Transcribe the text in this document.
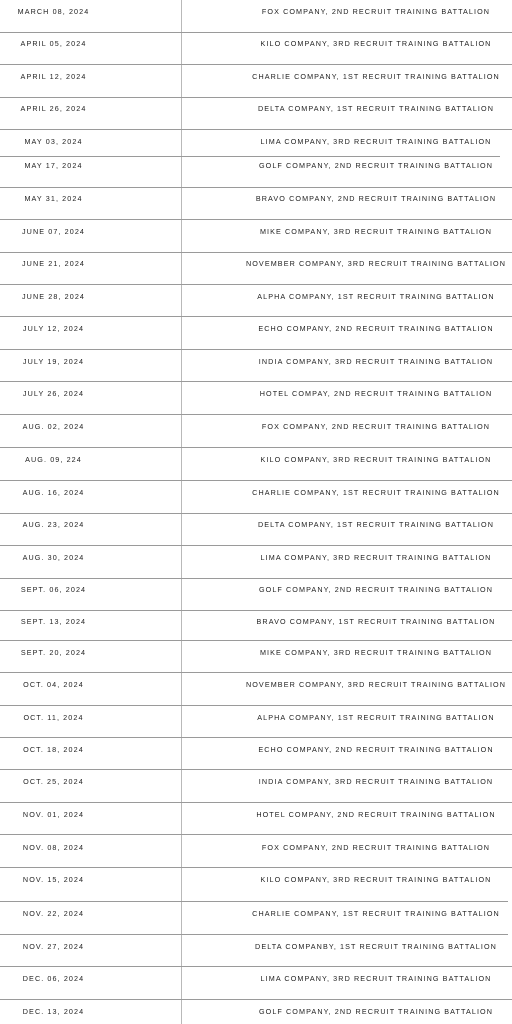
MARCH 08, 2024	FOX COMPANY, 2ND RECRUIT TRAINING BATTALION
APRIL 05, 2024	KILO COMPANY, 3RD RECRUIT TRAINING BATTALION
APRIL 12, 2024	CHARLIE COMPANY, 1ST RECRUIT TRAINING BATTALION
APRIL 26, 2024	DELTA COMPANY, 1ST RECRUIT TRAINING BATTALION
MAY 03, 2024	LIMA COMPANY, 3RD RECRUIT TRAINING BATTALION
MAY 17, 2024	GOLF COMPANY, 2ND RECRUIT TRAINING BATTALION
MAY 31, 2024	BRAVO COMPANY, 2ND RECRUIT TRAINING BATTALION
JUNE 07, 2024	MIKE COMPANY, 3RD RECRUIT TRAINING BATTALION
JUNE 21, 2024	NOVEMBER COMPANY, 3RD RECRUIT TRAINING BATTALION
JUNE 28, 2024	ALPHA COMPANY, 1ST RECRUIT TRAINING BATTALION
JULY 12, 2024	ECHO COMPANY, 2ND RECRUIT TRAINING BATTALION
JULY 19, 2024	INDIA COMPANY, 3RD RECRUIT TRAINING BATTALION
JULY 26, 2024	HOTEL COMPAY, 2ND RECRUIT TRAINING BATTALION
AUG. 02, 2024	FOX COMPANY, 2ND RECRUIT TRAINING BATTALION
AUG. 09, 224	KILO COMPANY, 3RD RECRUIT TRAINING BATTALION
AUG. 16, 2024	CHARLIE COMPANY, 1ST RECRUIT TRAINING BATTALION
AUG. 23, 2024	DELTA COMPANY, 1ST RECRUIT TRAINING BATTALION
AUG. 30, 2024	LIMA COMPANY, 3RD RECRUIT TRAINING BATTALION
SEPT. 06, 2024	GOLF COMPANY, 2ND RECRUIT TRAINING BATTALION
SEPT. 13, 2024	BRAVO COMPANY, 1ST RECRUIT TRAINING BATTALION
SEPT. 20, 2024	MIKE COMPANY, 3RD RECRUIT TRAINING BATTALION
OCT. 04, 2024	NOVEMBER COMPANY, 3RD RECRUIT TRAINING BATTALION
OCT. 11, 2024	ALPHA COMPANY, 1ST RECRUIT TRAINING BATTALION
OCT. 18, 2024	ECHO COMPANY, 2ND RECRUIT TRAINING BATTALION
OCT. 25, 2024	INDIA COMPANY, 3RD RECRUIT TRAINING BATTALION
NOV. 01, 2024	HOTEL COMPANY, 2ND RECRUIT TRAINING BATTALION
NOV. 08, 2024	FOX COMPANY, 2ND RECRUIT TRAINING BATTALION
NOV. 15, 2024	KILO COMPANY, 3RD RECRUIT TRAINING BATTALION
NOV. 22, 2024	CHARLIE COMPANY, 1ST RECRUIT TRAINING BATTALION
NOV. 27, 2024	DELTA COMPANBY, 1ST RECRUIT TRAINING BATTALION
DEC. 06, 2024	LIMA COMPANY, 3RD RECRUIT TRAINING BATTALION
DEC. 13, 2024	GOLF COMPANY, 2ND RECRUIT TRAINING BATTALION
